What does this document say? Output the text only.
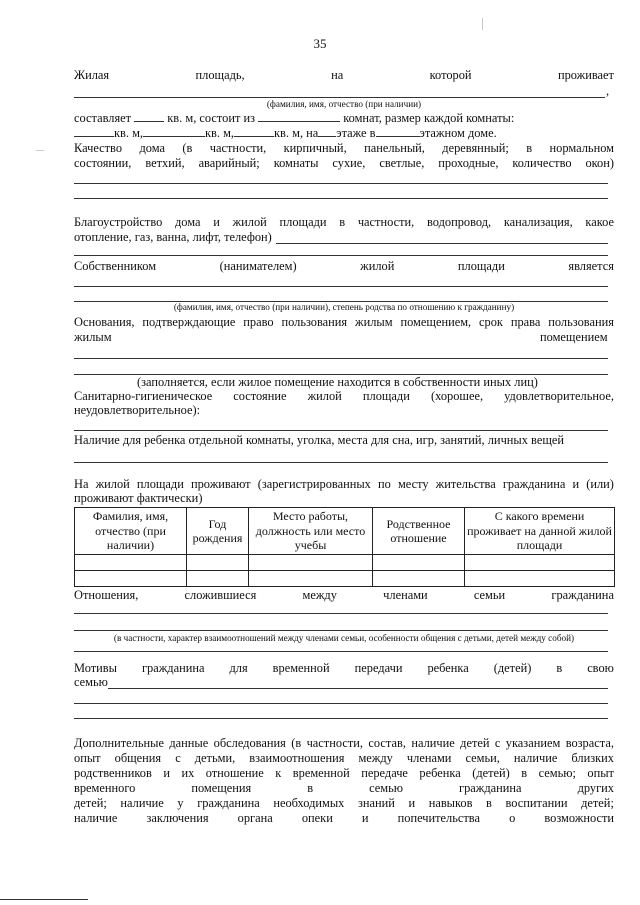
35
Жилая	площадь,	на	которой	проживает
,
(фамилия, имя, отчество (при наличии)
составляет	кв. м, состоит из	комнат, размер каждой комнаты:
кв. м,	кв. м,	кв. м, на этаже в	этажном доме.
Качество дома (в частности, кирпичный, панельный, деревянный; в нормальном
состоянии, ветхий, аварийный; комнаты сухие, светлые, проходные, количество окон)
Благоустройство дома и жилой площади в частности, водопровод, канализация, какое
отопление, газ, ванна, лифт, телефон)
Собственником	(нанимателем)	жилой	площади	является
(фамилия, имя, отчество (при наличии), степень родства по отношению к гражданину)
Основания, подтверждающие право пользования жилым помещением, срок права пользования
жилым	помещением
(заполняется, если жилое помещение находится в собственности иных лиц)
Санитарно-гигиеническое состояние жилой площади (хорошее, удовлетворительное,
неудовлетворительное):
Наличие для ребенка отдельной комнаты, уголка, места для сна, игр, занятий, личных вещей
На жилой площади проживают (зарегистрированных по месту жительства гражданина и (или)
проживают фактически)
Фамилия, имя, отчество (при наличии)	Год рождения	Место работы, должность или место учебы	Родственное отношение	С какого времени проживает на данной жилой площади

Отношения,	сложившиеся	между	членами	семьи	гражданина
(в частности, характер взаимоотношений между членами семьи, особенности общения с детьми, детей между собой)
Мотивы гражданина для временной передачи ребенка (детей) в свою
семью
Дополнительные данные обследования (в частности, состав, наличие детей с указанием возраста,
опыт общения с детьми, взаимоотношения между членами семьи, наличие близких
родственников и их отношение к временной передаче ребенка (детей) в семью; опыт
временного	помещения	в	семью	гражданина	других
детей; наличие у гражданина необходимых знаний и навыков в воспитании детей;
наличие заключения органа опеки и попечительства о возможности
